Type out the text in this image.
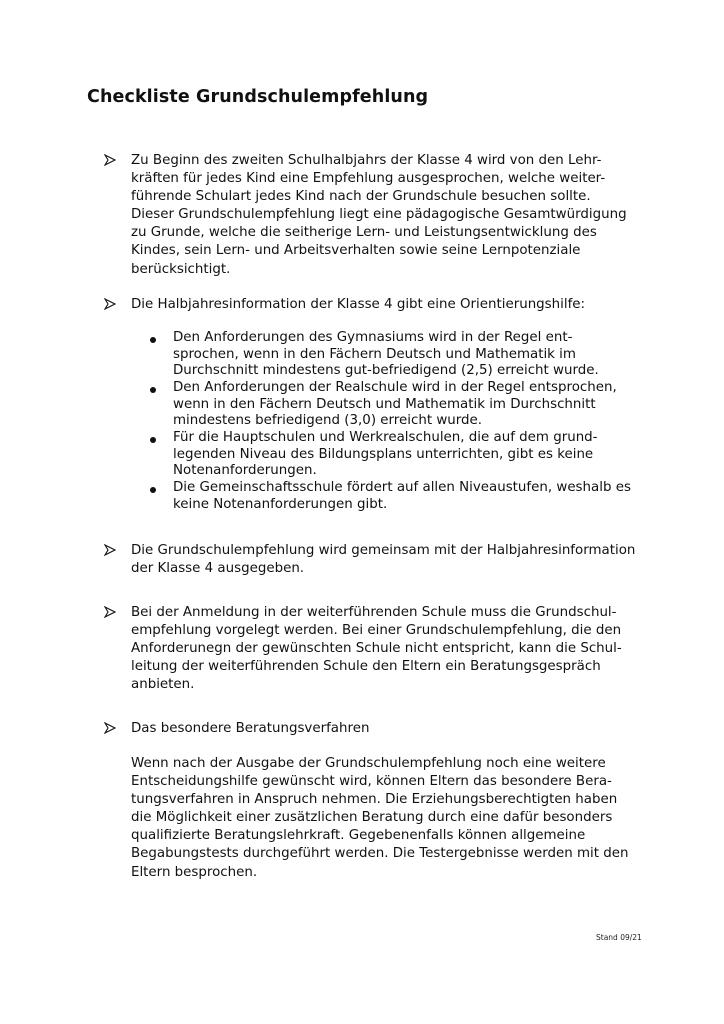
Checkliste Grundschulempfehlung
Zu Beginn des zweiten Schulhalbjahrs der Klasse 4 wird von den Lehr-
kräften für jedes Kind eine Empfehlung ausgesprochen, welche weiter-
führende Schulart jedes Kind nach der Grundschule besuchen sollte.
Dieser Grundschulempfehlung liegt eine pädagogische Gesamtwürdigung
zu Grunde, welche die seitherige Lern- und Leistungsentwicklung des
Kindes, sein Lern- und Arbeitsverhalten sowie seine Lernpotenziale
berücksichtigt.
Die Halbjahresinformation der Klasse 4 gibt eine Orientierungshilfe:
Den Anforderungen des Gymnasiums wird in der Regel ent-
sprochen, wenn in den Fächern Deutsch und Mathematik im
Durchschnitt mindestens gut-befriedigend (2,5) erreicht wurde.
Den Anforderungen der Realschule wird in der Regel entsprochen,
wenn in den Fächern Deutsch und Mathematik im Durchschnitt
mindestens befriedigend (3,0) erreicht wurde.
Für die Hauptschulen und Werkrealschulen, die auf dem grund-
legenden Niveau des Bildungsplans unterrichten, gibt es keine
Notenanforderungen.
Die Gemeinschaftsschule fördert auf allen Niveaustufen, weshalb es
keine Notenanforderungen gibt.
Die Grundschulempfehlung wird gemeinsam mit der Halbjahresinformation
der Klasse 4 ausgegeben.
Bei der Anmeldung in der weiterführenden Schule muss die Grundschul-
empfehlung vorgelegt werden. Bei einer Grundschulempfehlung, die den
Anforderunegn der gewünschten Schule nicht entspricht, kann die Schul-
leitung der weiterführenden Schule den Eltern ein Beratungsgespräch
anbieten.
Das besondere Beratungsverfahren
Wenn nach der Ausgabe der Grundschulempfehlung noch eine weitere
Entscheidungshilfe gewünscht wird, können Eltern das besondere Bera-
tungsverfahren in Anspruch nehmen. Die Erziehungsberechtigten haben
die Möglichkeit einer zusätzlichen Beratung durch eine dafür besonders
qualifizierte Beratungslehrkraft. Gegebenenfalls können allgemeine
Begabungstests durchgeführt werden. Die Testergebnisse werden mit den
Eltern besprochen.
Stand 09/21
